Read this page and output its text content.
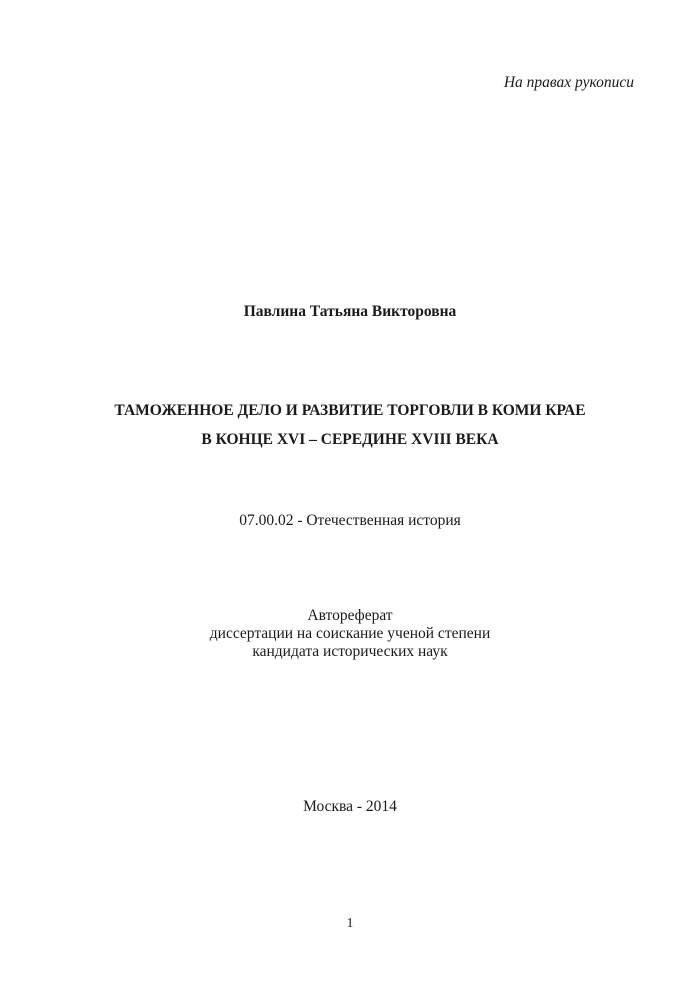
На правах рукописи
Павлина Татьяна Викторовна
ТАМОЖЕННОЕ ДЕЛО И РАЗВИТИЕ ТОРГОВЛИ В КОМИ КРАЕ
В КОНЦЕ XVI – СЕРЕДИНЕ XVIII ВЕКА
07.00.02 - Отечественная история
Автореферат
диссертации на соискание ученой степени
кандидата исторических наук
Москва - 2014
1
